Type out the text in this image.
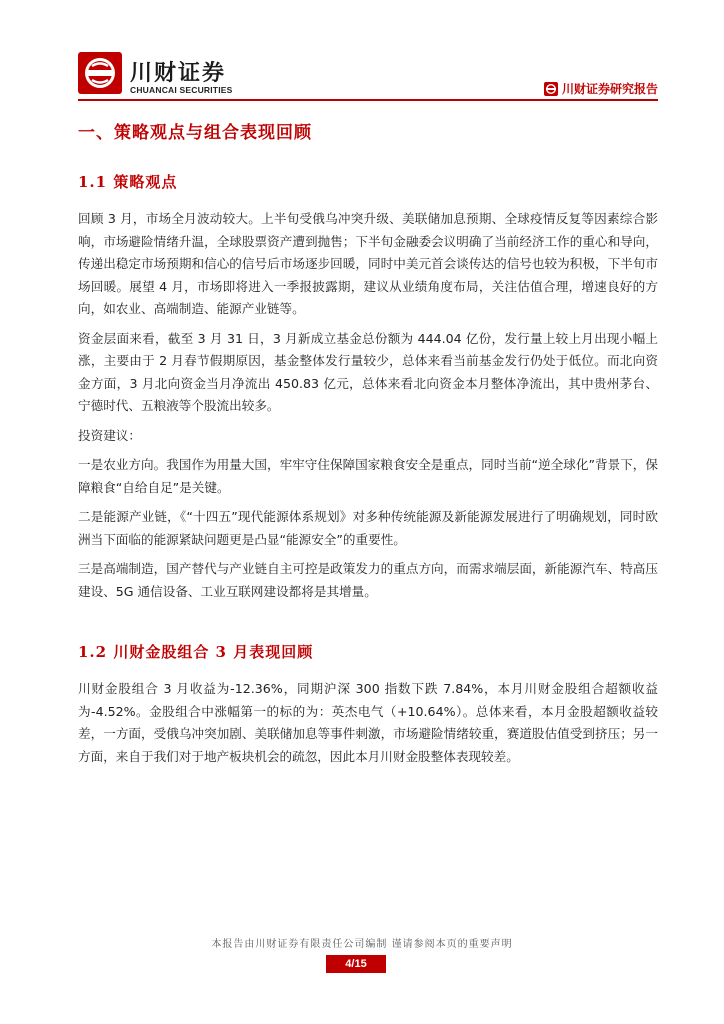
川财证券
CHUANCAI SECURITIES	川财证券研究报告
一、策略观点与组合表现回顾
1.1 策略观点

回顾 3 月，市场全月波动较大。上半旬受俄乌冲突升级、美联储加息预期、全球疫情反复等因素综合影响，市场避险情绪升温，全球股票资产遭到抛售；下半旬金融委会议明确了当前经济工作的重心和导向，传递出稳定市场预期和信心的信号后市场逐步回暖，同时中美元首会谈传达的信号也较为积极，下半旬市场回暖。展望 4 月，市场即将进入一季报披露期，建议从业绩角度布局，关注估值合理，增速良好的方向，如农业、高端制造、能源产业链等。

资金层面来看，截至 3 月 31 日，3 月新成立基金总份额为 444.04 亿份，发行量上较上月出现小幅上涨，主要由于 2 月春节假期原因，基金整体发行量较少，总体来看当前基金发行仍处于低位。而北向资金方面，3 月北向资金当月净流出 450.83 亿元，总体来看北向资金本月整体净流出，其中贵州茅台、宁德时代、五粮液等个股流出较多。

投资建议：

一是农业方向。我国作为用量大国，牢牢守住保障国家粮食安全是重点，同时当前“逆全球化”背景下，保障粮食“自给自足”是关键。

二是能源产业链，《“十四五”现代能源体系规划》对多种传统能源及新能源发展进行了明确规划，同时欧洲当下面临的能源紧缺问题更是凸显“能源安全”的重要性。

三是高端制造，国产替代与产业链自主可控是政策发力的重点方向，而需求端层面，新能源汽车、特高压建设、5G 通信设备、工业互联网建设都将是其增量。

1.2 川财金股组合 3 月表现回顾

川财金股组合 3 月收益为-12.36%，同期沪深 300 指数下跌 7.84%，本月川财金股组合超额收益为-4.52%。金股组合中涨幅第一的标的为：英杰电气（+10.64%）。总体来看，本月金股超额收益较差，一方面，受俄乌冲突加剧、美联储加息等事件刺激，市场避险情绪较重，赛道股估值受到挤压；另一方面，来自于我们对于地产板块机会的疏忽，因此本月川财金股整体表现较差。

本报告由川财证券有限责任公司编制 谨请参阅本页的重要声明
4/15
